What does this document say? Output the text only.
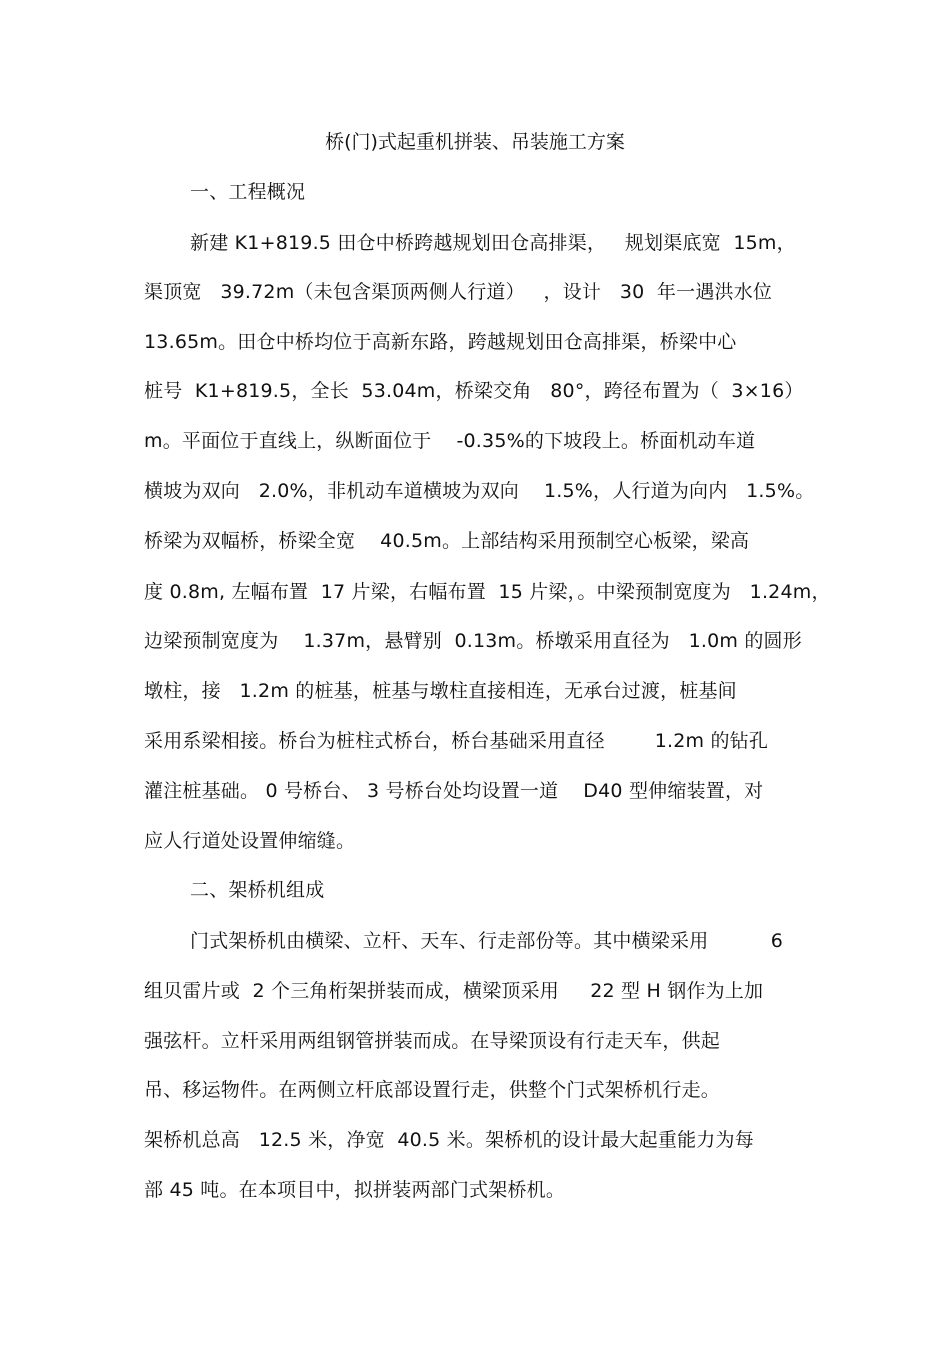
桥(门)式起重机拼装、吊装施工方案
一、工程概况
新建 K1+819.5 田仓中桥跨越规划田仓高排渠，   规划渠底宽  15m，
渠顶宽   39.72m（未包含渠顶两侧人行道）   ，设计   30  年一遇洪水位
13.65m。田仓中桥均位于高新东路，跨越规划田仓高排渠，桥梁中心
桩号  K1+819.5，全长  53.04m，桥梁交角   80°，跨径布置为（  3×16）
m。平面位于直线上，纵断面位于    -0.35%的下坡段上。桥面机动车道
横坡为双向   2.0%，非机动车道横坡为双向    1.5%，人行道为向内   1.5%。
桥梁为双幅桥，桥梁全宽    40.5m。上部结构采用预制空心板梁，梁高
度 0.8m, 左幅布置  17 片梁，右幅布置  15 片梁，。中梁预制宽度为   1.24m，
边梁预制宽度为    1.37m，悬臂别  0.13m。桥墩采用直径为   1.0m 的圆形
墩柱，接   1.2m 的桩基，桩基与墩柱直接相连，无承台过渡，桩基间
采用系梁相接。桥台为桩柱式桥台，桥台基础采用直径        1.2m 的钻孔
灌注桩基础。 0 号桥台、 3 号桥台处均设置一道    D40 型伸缩装置，对
应人行道处设置伸缩缝。
二、架桥机组成
门式架桥机由横梁、立杆、天车、行走部份等。其中横梁采用          6
组贝雷片或  2 个三角桁架拼装而成，横梁顶采用     22 型 H 钢作为上加
强弦杆。立杆采用两组钢管拼装而成。在导梁顶设有行走天车，供起
吊、移运物件。在两侧立杆底部设置行走，供整个门式架桥机行走。
架桥机总高   12.5 米，净宽  40.5 米。架桥机的设计最大起重能力为每
部 45 吨。在本项目中，拟拼装两部门式架桥机。
